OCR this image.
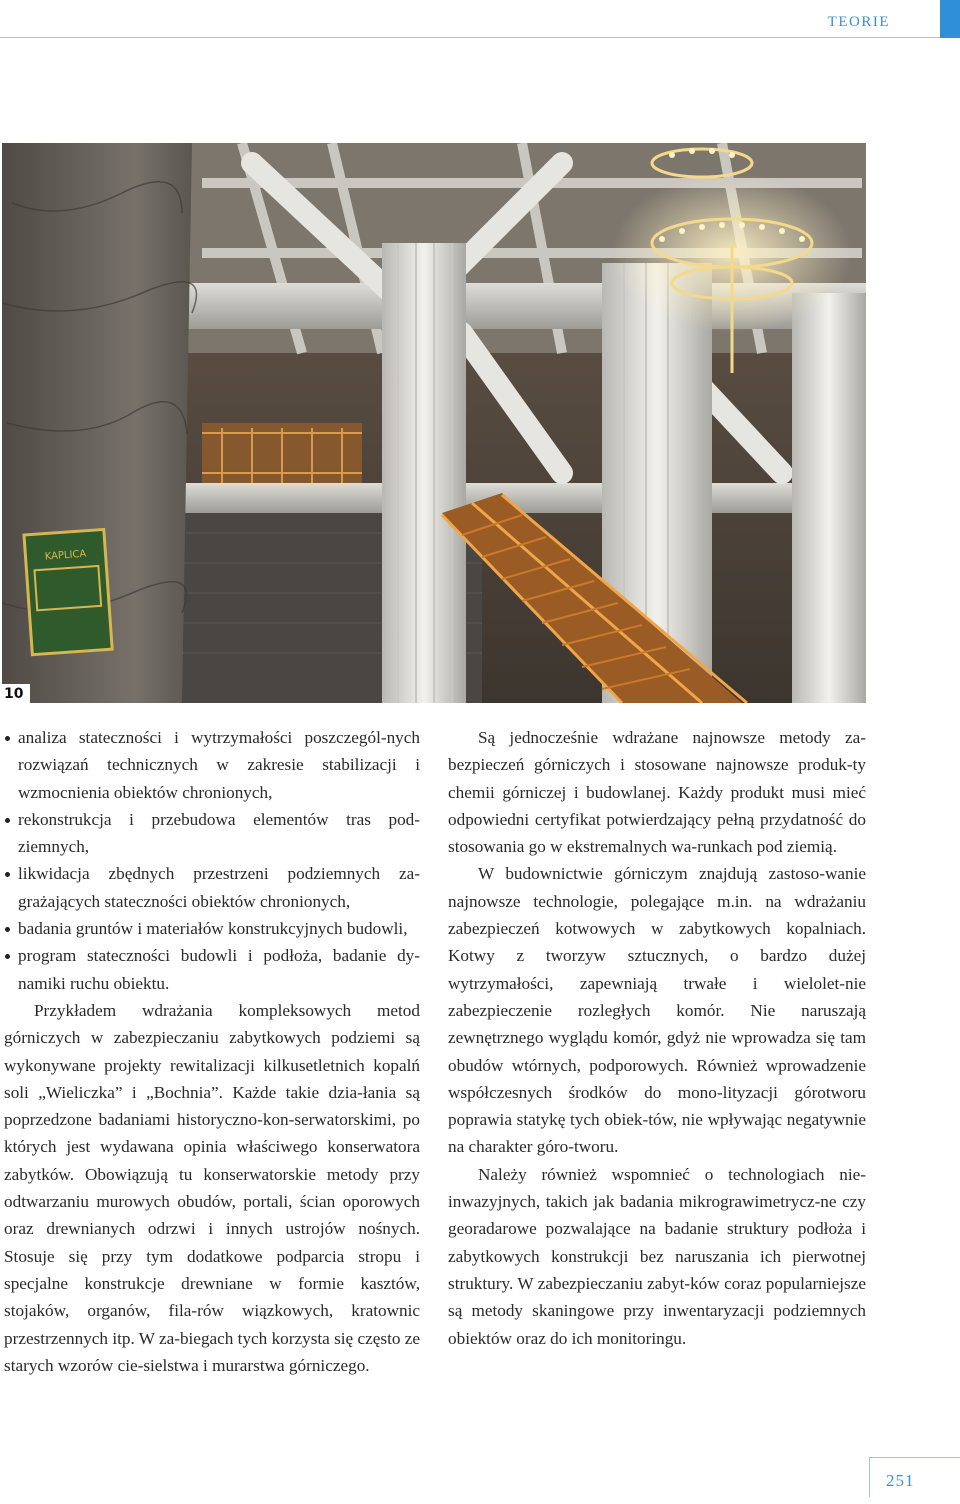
TEORIE
KAPLICA
10
analiza stateczności i wytrzymałości poszczegól-nych rozwiązań technicznych w zakresie stabilizacji i wzmocnienia obiektów chronionych,
rekonstrukcja i przebudowa elementów tras pod-ziemnych,
likwidacja zbędnych przestrzeni podziemnych za-grażających stateczności obiektów chronionych,
badania gruntów i materiałów konstrukcyjnych budowli,
program stateczności budowli i podłoża, badanie dy-namiki ruchu obiektu.

Przykładem wdrażania kompleksowych metod górniczych w zabezpieczaniu zabytkowych podziemi są wykonywane projekty rewitalizacji kilkusetletnich kopalń soli „Wieliczka” i „Bochnia”. Każde takie dzia-łania są poprzedzone badaniami historyczno-kon-serwatorskimi, po których jest wydawana opinia właściwego konserwatora zabytków. Obowiązują tu konserwatorskie metody przy odtwarzaniu murowych obudów, portali, ścian oporowych oraz drewnianych odrzwi i innych ustrojów nośnych. Stosuje się przy tym dodatkowe podparcia stropu i specjalne konstrukcje drewniane w formie kasztów, stojaków, organów, fila-rów wiązkowych, kratownic przestrzennych itp. W za-biegach tych korzysta się często ze starych wzorów cie-sielstwa i murarstwa górniczego.

Są jednocześnie wdrażane najnowsze metody za-bezpieczeń górniczych i stosowane najnowsze produk-ty chemii górniczej i budowlanej. Każdy produkt musi mieć odpowiedni certyfikat potwierdzający pełną przydatność do stosowania go w ekstremalnych wa-runkach pod ziemią.

W budownictwie górniczym znajdują zastoso-wanie najnowsze technologie, polegające m.in. na wdrażaniu zabezpieczeń kotwowych w zabytkowych kopalniach. Kotwy z tworzyw sztucznych, o bardzo dużej wytrzymałości, zapewniają trwałe i wielolet-nie zabezpieczenie rozległych komór. Nie naruszają zewnętrznego wyglądu komór, gdyż nie wprowadza się tam obudów wtórnych, podporowych. Również wprowadzenie współczesnych środków do mono-lityzacji górotworu poprawia statykę tych obiek-tów, nie wpływając negatywnie na charakter góro-tworu.

Należy również wspomnieć o technologiach nie-inwazyjnych, takich jak badania mikrograwimetrycz-ne czy georadarowe pozwalające na badanie struktury podłoża i zabytkowych konstrukcji bez naruszania ich pierwotnej struktury. W zabezpieczaniu zabyt-ków coraz popularniejsze są metody skaningowe przy inwentaryzacji podziemnych obiektów oraz do ich monitoringu.

251
